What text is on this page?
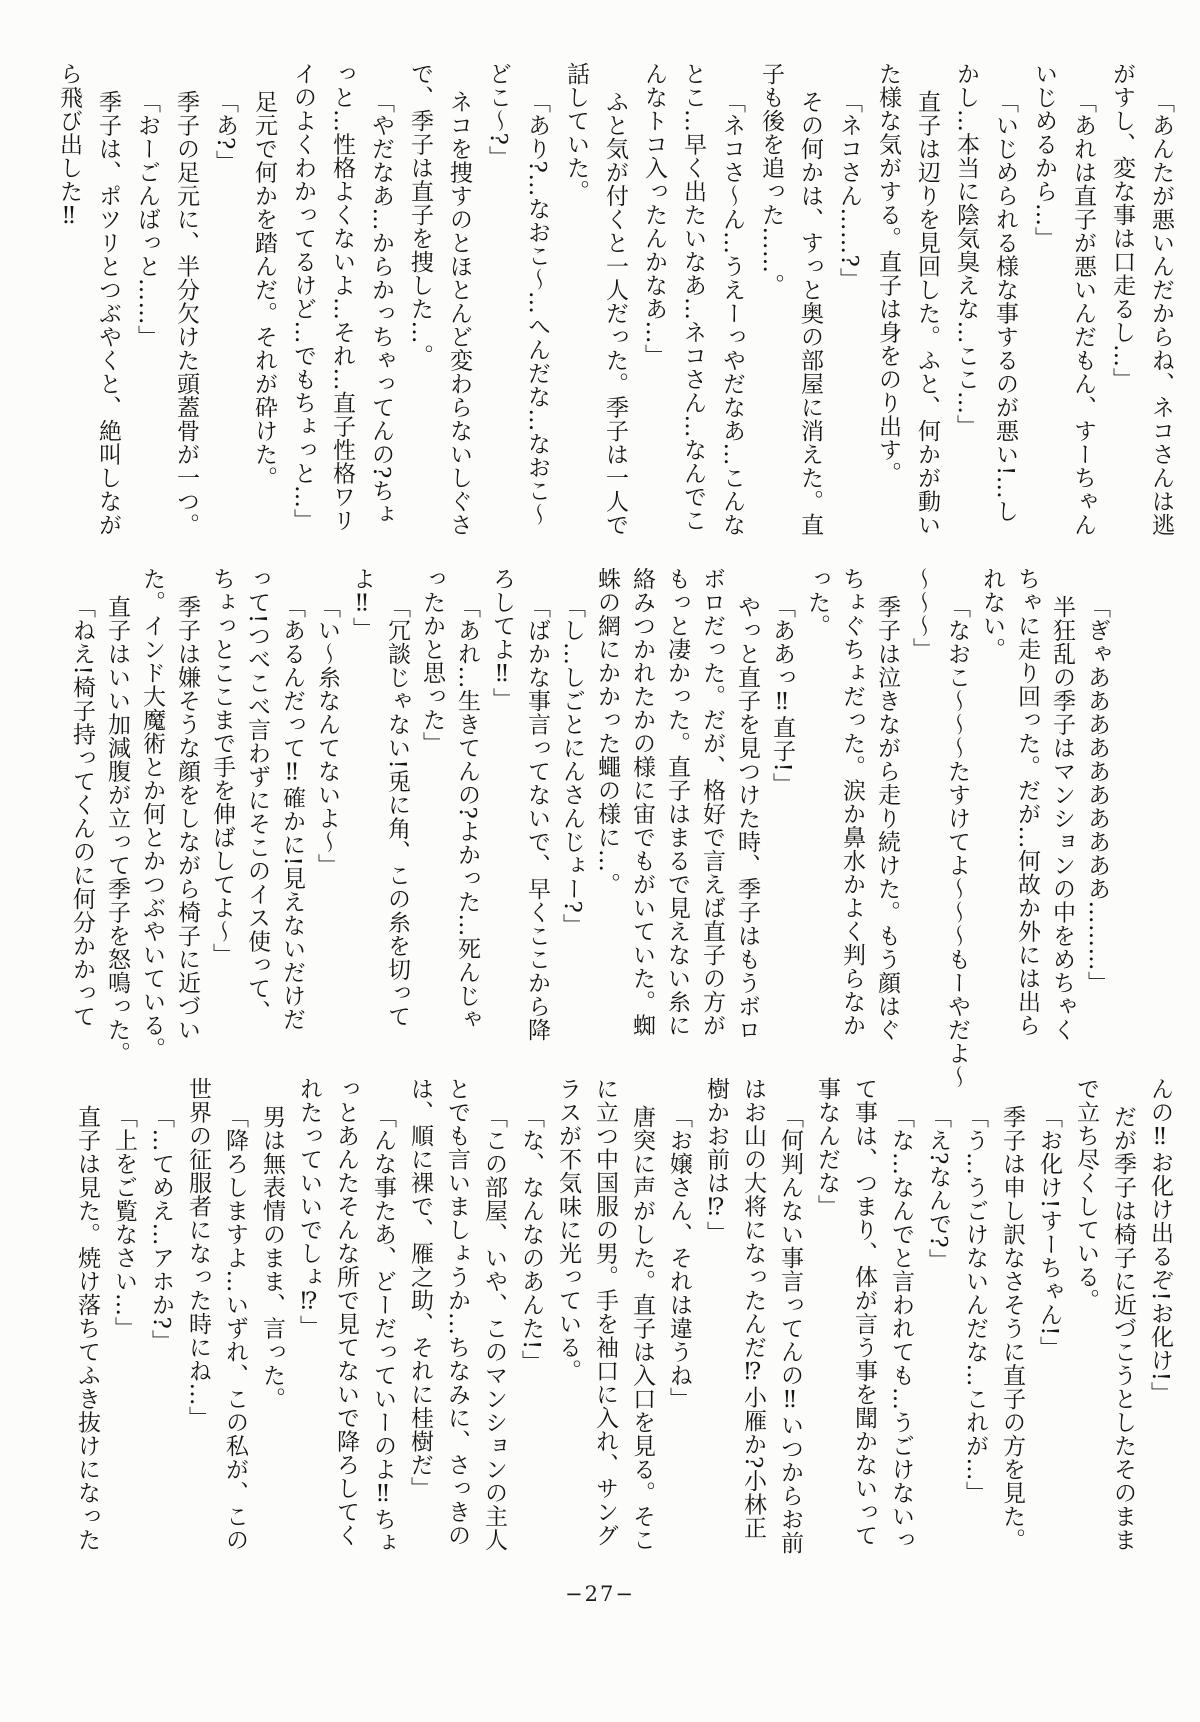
「あんたが悪いんだからね、ネコさんは逃
がすし、変な事は口走るし…」
「あれは直子が悪いんだもん、すーちゃん
いじめるから…」
「いじめられる様な事するのが悪い!…し
かし…本当に陰気臭えな…ここ…」
直子は辺りを見回した。ふと、何かが動い
た様な気がする。直子は身をのり出す。
「ネコさん……?」
その何かは、すっと奥の部屋に消えた。直
子も後を追った……。
「ネコさ〜ん…うえーっやだなあ…こんな
とこ…早く出たいなあ…ネコさん…なんでこ
んなトコ入ったんかなあ…」
ふと気が付くと一人だった。季子は一人で
話していた。
「あり?…なおこ〜…へんだな…なおこ〜
どこ〜?」
ネコを捜すのとほとんど変わらないしぐさ
で、季子は直子を捜した…。
「やだなあ…からかっちゃってんの?ちょ
っと…性格よくないよ…それ…直子性格ワリ
イのよくわかってるけど…でもちょっと…」
足元で何かを踏んだ。それが砕けた。
「あ?」
季子の足元に、半分欠けた頭蓋骨が一つ。
「おーごんばっと……」
季子は、ポツリとつぶやくと、絶叫しなが
ら飛び出した‼
「ぎゃああああああああああ………」
半狂乱の季子はマンションの中をめちゃく
ちゃに走り回った。だが…何故か外には出ら
れない。
「なおこ〜〜〜たすけてよ〜〜〜もーやだよ〜
〜〜〜」
季子は泣きながら走り続けた。もう顔はぐ
ちょぐちょだった。涙か鼻水かよく判らなか
った。
「ああっ‼直子!」
やっと直子を見つけた時、季子はもうボロ
ボロだった。だが、格好で言えば直子の方が
もっと凄かった。直子はまるで見えない糸に
絡みつかれたかの様に宙でもがいていた。蜘
蛛の網にかかった蠅の様に…。
「し…しごとにんさんじょー?」
「ばかな事言ってないで、早くここから降
ろしてよ‼」
「あれ…生きてんの?よかった…死んじゃ
ったかと思った」
「冗談じゃない!兎に角、この糸を切って
よ‼」
「い〜糸なんてないよ〜」
「あるんだって‼確かに!見えないだけだ
って!つべこべ言わずにそこのイス使って、
ちょっとここまで手を伸ばしてよ〜」
季子は嫌そうな顔をしながら椅子に近づい
た。インド大魔術とか何とかつぶやいている。
直子はいい加減腹が立って季子を怒鳴った。
「ねえ!椅子持ってくんのに何分かかって
んの‼お化け出るぞ!お化け!」
だが季子は椅子に近づこうとしたそのまま
で立ち尽くしている。
「お化け!すーちゃん!」
季子は申し訳なさそうに直子の方を見た。
「う…うごけないんだな…これが…」
「え?なんで?」
「な…なんでと言われても…うごけないっ
て事は、つまり、体が言う事を聞かないって
事なんだな」
「何判んない事言ってんの‼いつからお前
はお山の大将になったんだ⁉小雁か?小林正
樹かお前は⁉」
「お嬢さん、それは違うね」
唐突に声がした。直子は入口を見る。そこ
に立つ中国服の男。手を袖口に入れ、サング
ラスが不気味に光っている。
「な、なんなのあんた!」
「この部屋、いや、このマンションの主人
とでも言いましょうか…ちなみに、さっきの
は、順に裸で、雁之助、それに桂樹だ」
「んな事たあ、どーだっていーのよ‼ちょ
っとあんたそんな所で見てないで降ろしてく
れたっていいでしょ⁉」
男は無表情のまま、言った。
「降ろしますよ…いずれ、この私が、この
世界の征服者になった時にね…」
「…てめえ…アホか?」
「上をご覧なさい…」
直子は見た。焼け落ちてふき抜けになった
−27−
